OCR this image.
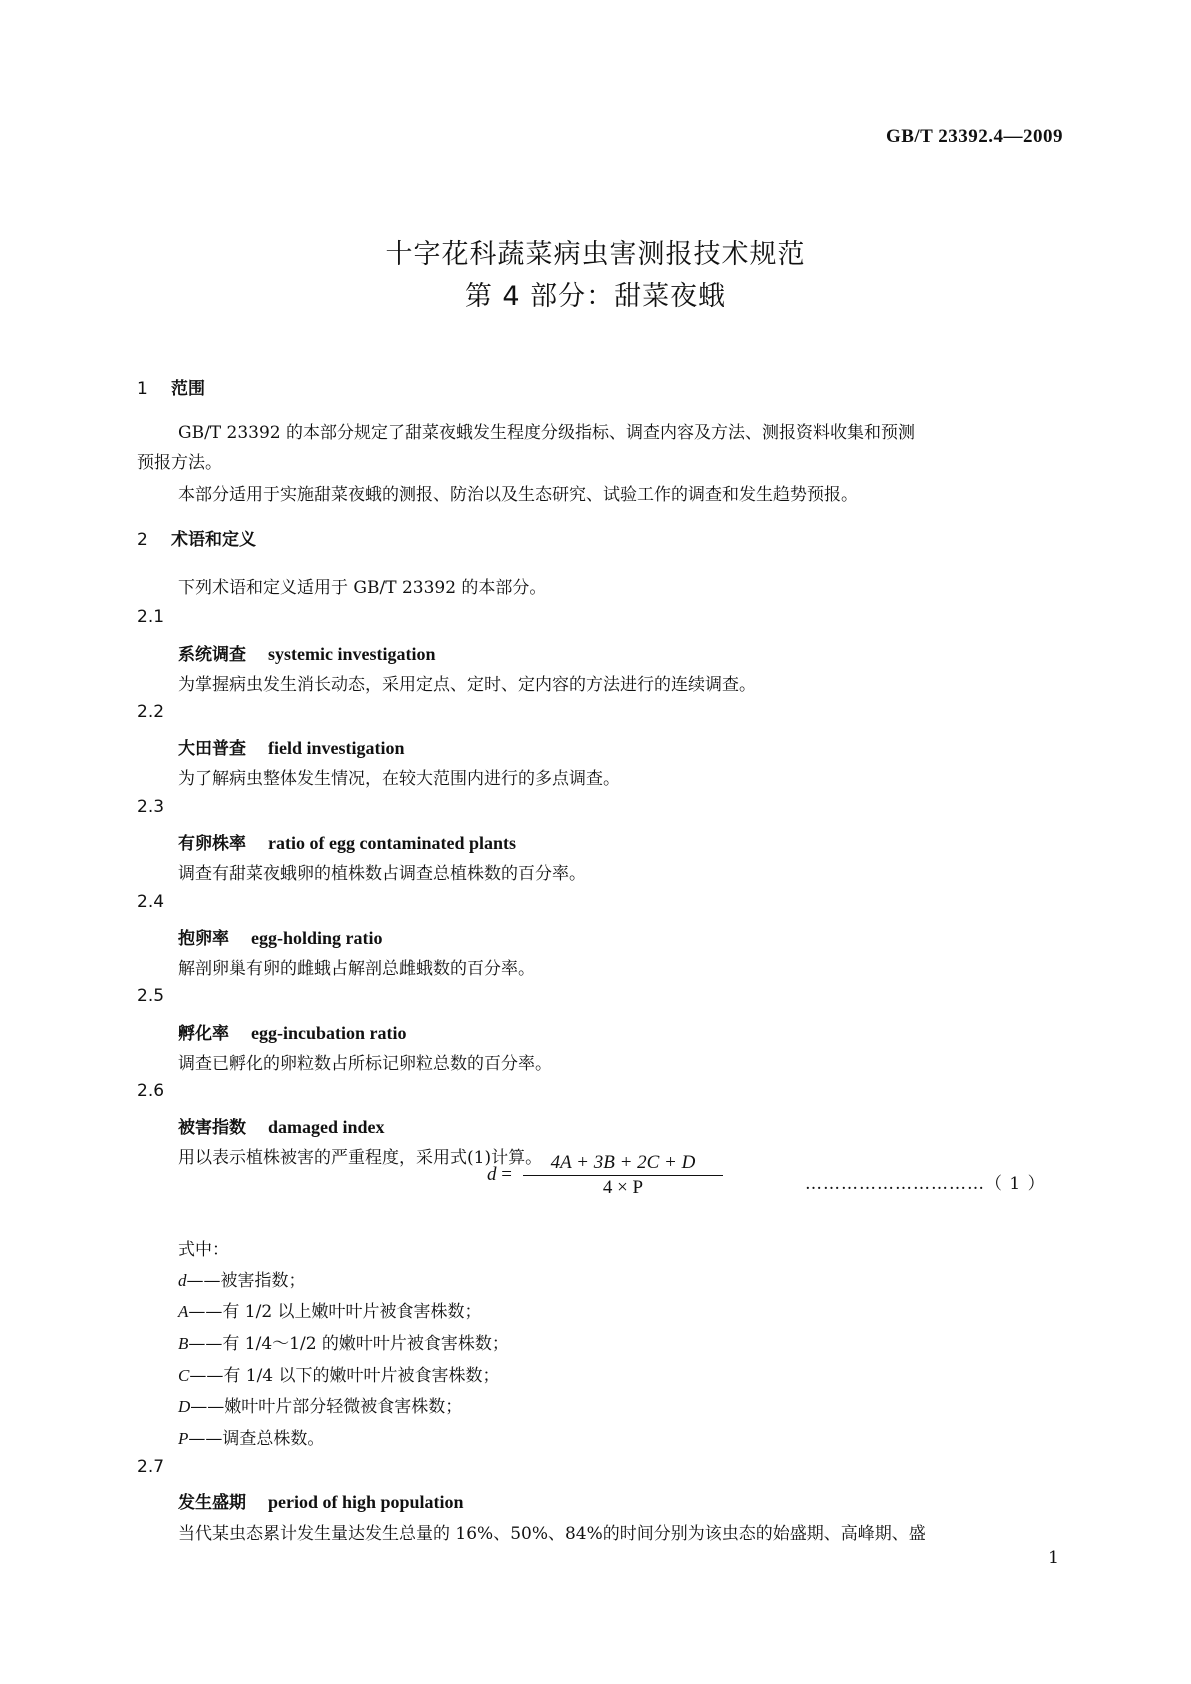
GB/T 23392.4—2009
十字花科蔬菜病虫害测报技术规范
第 4 部分：甜菜夜蛾
1 范围
GB/T 23392 的本部分规定了甜菜夜蛾发生程度分级指标、调查内容及方法、测报资料收集和预测
预报方法。
本部分适用于实施甜菜夜蛾的测报、防治以及生态研究、试验工作的调查和发生趋势预报。
2 术语和定义
下列术语和定义适用于 GB/T 23392 的本部分。
2.1
系统调查 systemic investigation
为掌握病虫发生消长动态，采用定点、定时、定内容的方法进行的连续调查。
2.2
大田普查 field investigation
为了解病虫整体发生情况，在较大范围内进行的多点调查。
2.3
有卵株率 ratio of egg contaminated plants
调查有甜菜夜蛾卵的植株数占调查总植株数的百分率。
2.4
抱卵率 egg-holding ratio
解剖卵巢有卵的雌蛾占解剖总雌蛾数的百分率。
2.5
孵化率 egg-incubation ratio
调查已孵化的卵粒数占所标记卵粒总数的百分率。
2.6
被害指数 damaged index
用以表示植株被害的严重程度，采用式(1)计算。
$d = \frac{4A + 3B + 2C + D}{4 \times P}$	…………………………（ 1 ）
式中：
d——被害指数；
A——有 1/2 以上嫩叶叶片被食害株数；
B——有 1/4～1/2 的嫩叶叶片被食害株数；
C——有 1/4 以下的嫩叶叶片被食害株数；
D——嫩叶叶片部分轻微被食害株数；
P——调查总株数。
2.7
发生盛期 period of high population
当代某虫态累计发生量达发生总量的 16%、50%、84%的时间分别为该虫态的始盛期、高峰期、盛
1
